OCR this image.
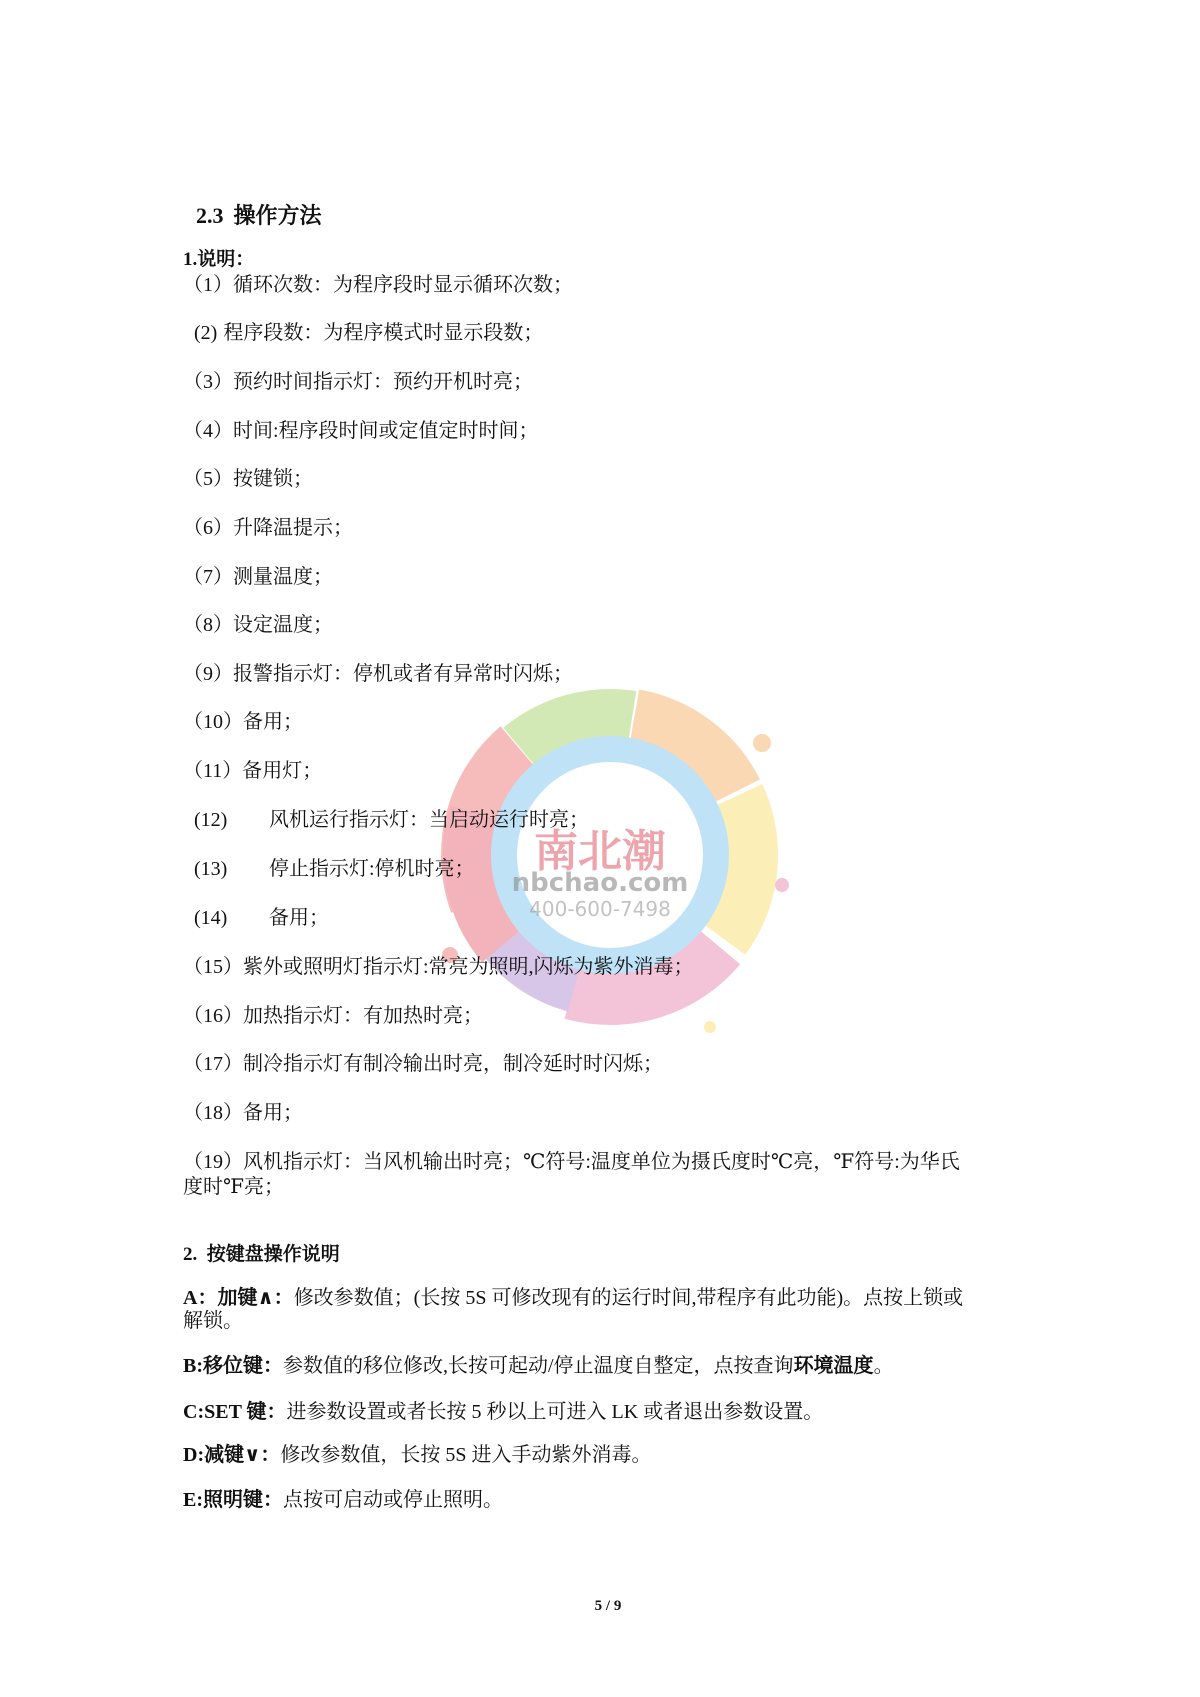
南北潮
nbchao.com
400-600-7498
2.3 操作方法
1.说明：
（1）循环次数：为程序段时显示循环次数；
(2) 程序段数：为程序模式时显示段数；
（3）预约时间指示灯：预约开机时亮；
（4）时间:程序段时间或定值定时时间；
（5）按键锁；
（6）升降温提示；
（7）测量温度；
（8）设定温度；
（9）报警指示灯：停机或者有异常时闪烁；
（10）备用；
（11）备用灯；
(12) 风机运行指示灯：当启动运行时亮；
(13) 停止指示灯:停机时亮；
(14) 备用；
（15）紫外或照明灯指示灯:常亮为照明,闪烁为紫外消毒；
（16）加热指示灯：有加热时亮；
（17）制冷指示灯有制冷输出时亮，制冷延时时闪烁；
（18）备用；
（19）风机指示灯：当风机输出时亮；℃符号:温度单位为摄氏度时℃亮，℉符号:为华氏
度时℉亮；
2.  按键盘操作说明
A：加键∧：修改参数值；(长按 5S 可修改现有的运行时间,带程序有此功能)。点按上锁或
解锁。
B:移位键：参数值的移位修改,长按可起动/停止温度自整定，点按查询环境温度。
C:SET 键：进参数设置或者长按 5 秒以上可进入 LK 或者退出参数设置。
D:减键∨：修改参数值，长按 5S 进入手动紫外消毒。
E:照明键：点按可启动或停止照明。
5 / 9
